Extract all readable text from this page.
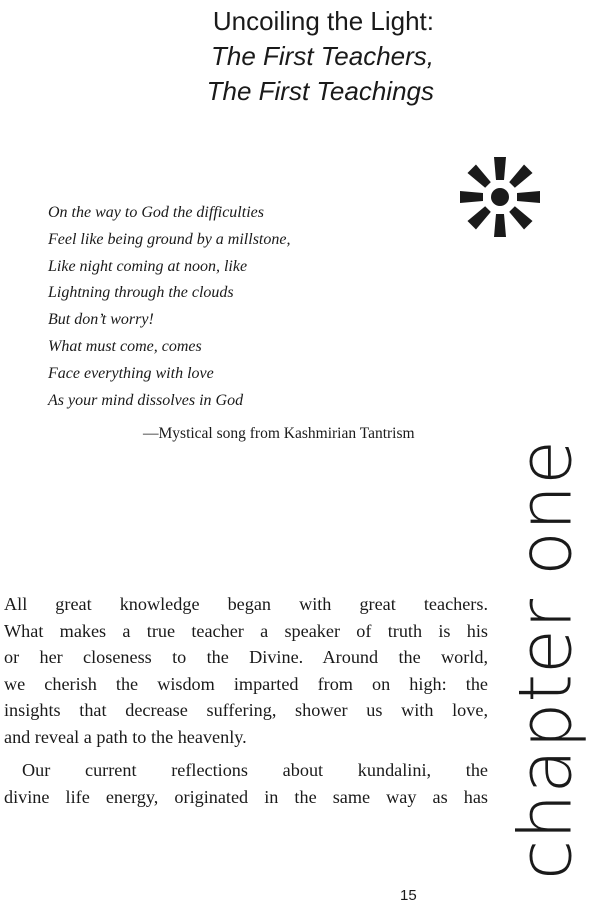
Uncoiling the Light:
The First Teachers,
The First Teachings
On the way to God the difficulties
Feel like being ground by a millstone,
Like night coming at noon, like
Lightning through the clouds
But don’t worry!
What must come, comes
Face everything with love
As your mind dissolves in God
—Mystical song from Kashmirian Tantrism
chapter one
All great knowledge began with great teachers.
What makes a true teacher a speaker of truth is his
or her closeness to the Divine. Around the world,
we cherish the wisdom imparted from on high: the
insights that decrease suffering, shower us with love,
and reveal a path to the heavenly.
Our current reflections about kundalini, the
divine life energy, originated in the same way as has
15
